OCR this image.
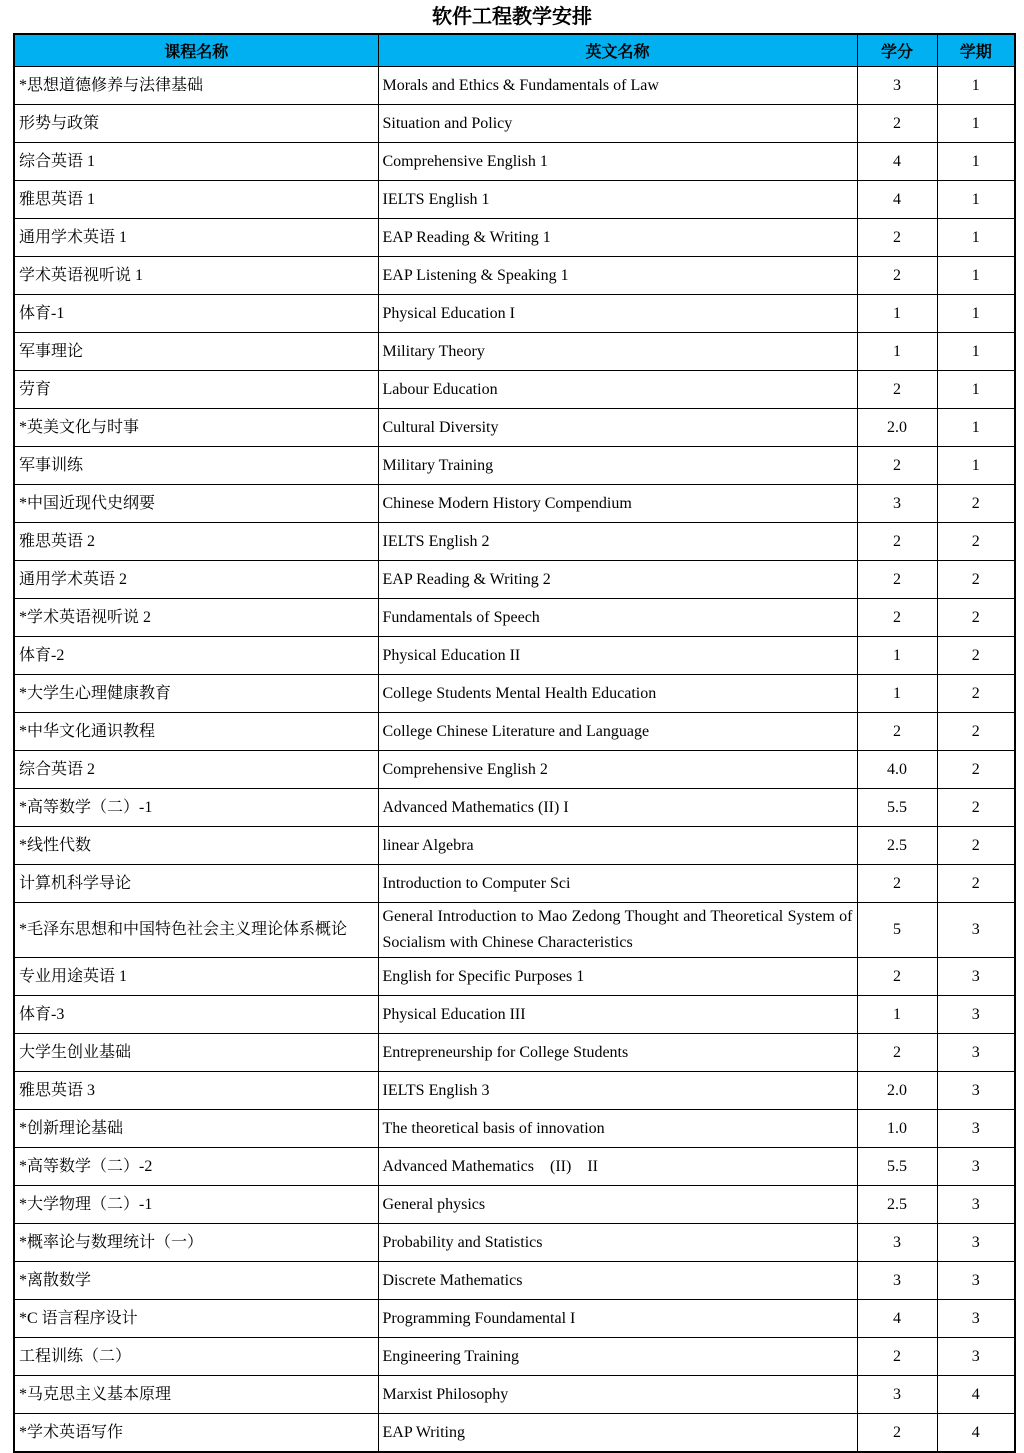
软件工程教学安排
课程名称	英文名称	学分	学期
*思想道德修养与法律基础	Morals and Ethics & Fundamentals of Law	3	1
形势与政策	Situation and Policy	2	1
综合英语 1	Comprehensive English 1	4	1
雅思英语 1	IELTS English 1	4	1
通用学术英语 1	EAP Reading & Writing 1	2	1
学术英语视听说 1	EAP Listening & Speaking 1	2	1
体育-1	Physical Education I	1	1
军事理论	Military Theory	1	1
劳育	Labour Education	2	1
*英美文化与时事	Cultural Diversity	2.0	1
军事训练	Military Training	2	1
*中国近现代史纲要	Chinese Modern History Compendium	3	2
雅思英语 2	IELTS English 2	2	2
通用学术英语 2	EAP Reading & Writing 2	2	2
*学术英语视听说 2	Fundamentals of Speech	2	2
体育-2	Physical Education II	1	2
*大学生心理健康教育	College Students Mental Health Education	1	2
*中华文化通识教程	College Chinese Literature and Language	2	2
综合英语 2	Comprehensive English 2	4.0	2
*高等数学（二）-1	Advanced Mathematics (II) I	5.5	2
*线性代数	linear Algebra	2.5	2
计算机科学导论	Introduction to Computer Sci	2	2
*毛泽东思想和中国特色社会主义理论体系概论	General Introduction to Mao Zedong Thought and Theoretical System of Socialism with Chinese Characteristics	5	3
专业用途英语 1	English for Specific Purposes 1	2	3
体育-3	Physical Education III	1	3
大学生创业基础	Entrepreneurship for College Students	2	3
雅思英语 3	IELTS English 3	2.0	3
*创新理论基础	The theoretical basis of innovation	1.0	3
*高等数学（二）-2	Advanced Mathematics　(II)　II	5.5	3
*大学物理（二）-1	General physics	2.5	3
*概率论与数理统计（一）	Probability and Statistics	3	3
*离散数学	Discrete Mathematics	3	3
*C 语言程序设计	Programming Foundamental I	4	3
工程训练（二）	Engineering Training	2	3
*马克思主义基本原理	Marxist Philosophy	3	4
*学术英语写作	EAP Writing	2	4
